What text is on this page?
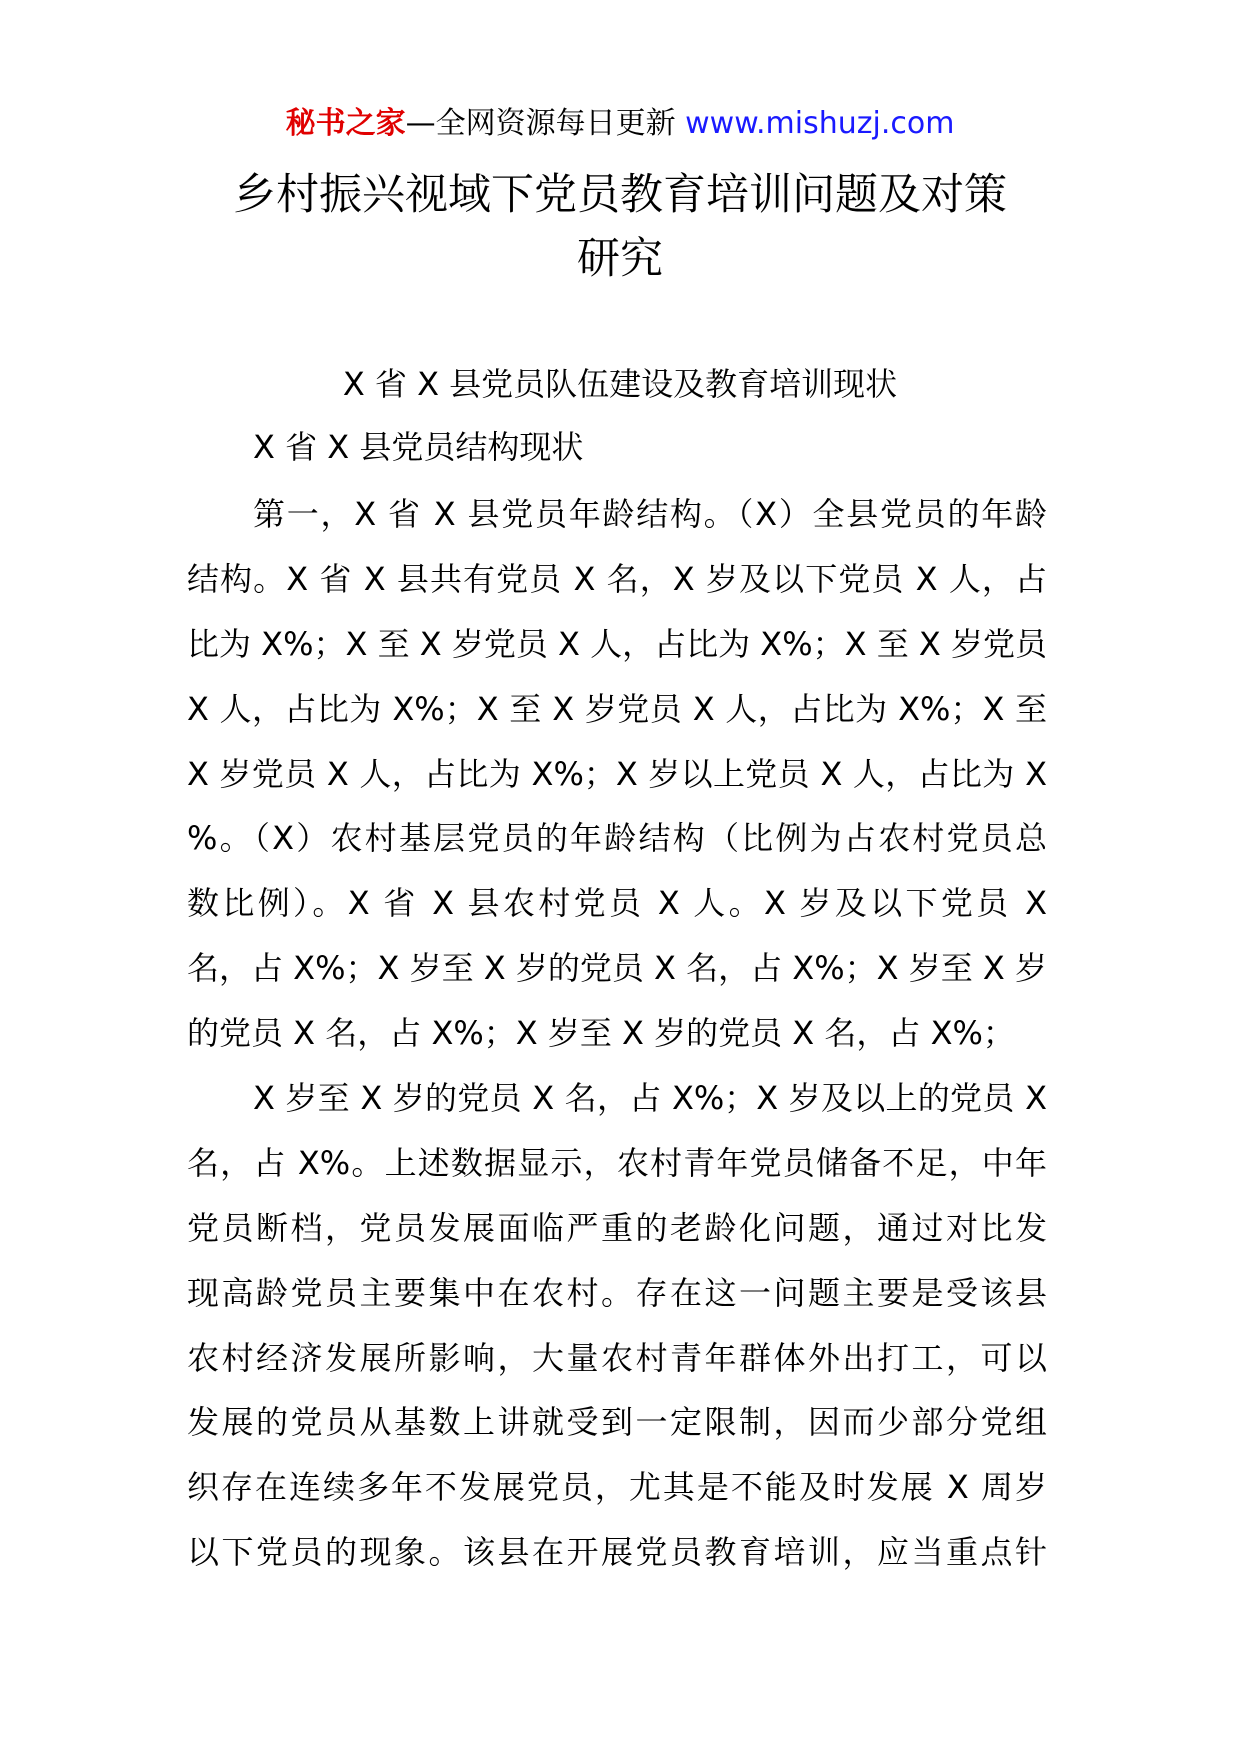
秘书之家—全网资源每日更新 www.mishuzj.com
乡村振兴视域下党员教育培训问题及对策
研究
X 省 X 县党员队伍建设及教育培训现状
X 省 X 县党员结构现状
第一，X 省 X 县党员年龄结构。（X）全县党员的年龄
结构。X 省 X 县共有党员 X 名，X 岁及以下党员 X 人，占
比为 X%；X 至 X 岁党员 X 人，占比为 X%；X 至 X 岁党员
X 人，占比为 X%；X 至 X 岁党员 X 人，占比为 X%；X 至
X 岁党员 X 人，占比为 X%；X 岁以上党员 X 人，占比为 X
%。（X）农村基层党员的年龄结构（比例为占农村党员总
数比例）。X 省 X 县农村党员 X 人。X 岁及以下党员 X
名，占 X%；X 岁至 X 岁的党员 X 名，占 X%；X 岁至 X 岁
的党员 X 名，占 X%；X 岁至 X 岁的党员 X 名，占 X%；
X 岁至 X 岁的党员 X 名，占 X%；X 岁及以上的党员 X
名，占 X%。上述数据显示，农村青年党员储备不足，中年
党员断档，党员发展面临严重的老龄化问题，通过对比发
现高龄党员主要集中在农村。存在这一问题主要是受该县
农村经济发展所影响，大量农村青年群体外出打工，可以
发展的党员从基数上讲就受到一定限制，因而少部分党组
织存在连续多年不发展党员，尤其是不能及时发展 X 周岁
以下党员的现象。该县在开展党员教育培训，应当重点针
